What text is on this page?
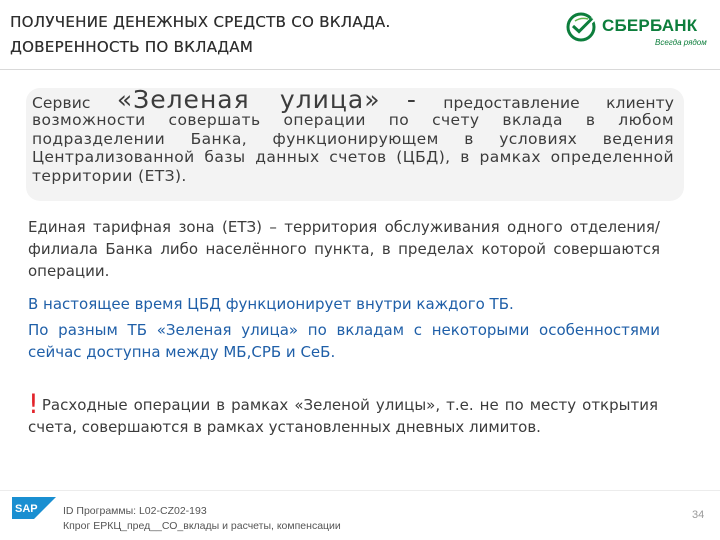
ПОЛУЧЕНИЕ ДЕНЕЖНЫХ СРЕДСТВ СО ВКЛАДА.
ДОВЕРЕННОСТЬ ПО ВКЛАДАМ
СБЕРБАНК
Всегда рядом
Сервис «Зеленая улица» - предоставление клиенту
возможности совершать операции по счету вклада в любом подразделении Банка, функционирующем в условиях ведения Централизованной базы данных счетов (ЦБД), в рамках определенной территории (ЕТЗ).
Единая тарифная зона (ЕТЗ) – территория обслуживания одного отделения/филиала Банка либо населённого пункта, в пределах которой совершаются операции.
В настоящее время ЦБД функционирует внутри каждого ТБ.
По разным ТБ «Зеленая улица» по вкладам с некоторыми особенностями сейчас доступна между МБ,СРБ и СеБ.
! Расходные операции в рамках «Зеленой улицы», т.е. не по месту открытия счета, совершаются в рамках установленных дневных лимитов.
SAP ID Программы: L02-CZ02-193
Кпрог ЕРКЦ_пред__СО_вклады и расчеты, компенсации
34
